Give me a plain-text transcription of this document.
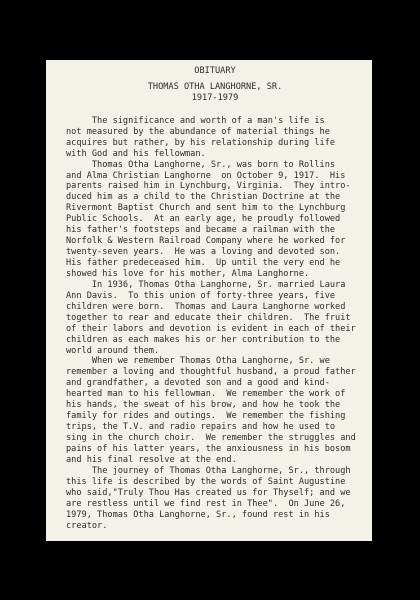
OBITUARY
THOMAS OTHA LANGHORNE, SR.
1917-1979
The significance and worth of a man's life is
not measured by the abundance of material things he
acquires but rather, by his relationship during life
with God and his fellowman.
Thomas Otha Langhorne, Sr., was born to Rollins
and Alma Christian Langhorne  on October 9, 1917.  His
parents raised him in Lynchburg, Virginia.  They intro-
duced him as a child to the Christian Doctrine at the
Rivermont Baptist Church and sent him to the Lynchburg
Public Schools.  At an early age, he proudly followed
his father's footsteps and became a railman with the
Norfolk & Western Railroad Company where he worked for
twenty-seven years.  He was a loving and devoted son.
His father predeceased him.  Up until the very end he
showed his love for his mother, Alma Langhorne.
In 1936, Thomas Otha Langhorne, Sr. married Laura
Ann Davis.  To this union of forty-three years, five
children were born.  Thomas and Laura Langhorne worked
together to rear and educate their children.  The fruit
of their labors and devotion is evident in each of their
children as each makes his or her contribution to the
world around them.
When we remember Thomas Otha Langhorne, Sr. we
remember a loving and thoughtful husband, a proud father
and grandfather, a devoted son and a good and kind-
hearted man to his fellowman.  We remember the work of
his hands, the sweat of his brow, and how he took the
family for rides and outings.  We remember the fishing
trips, the T.V. and radio repairs and how he used to
sing in the church choir.  We remember the struggles and
pains of his latter years, the anxiousness in his bosom
and his final resolve at the end.
The journey of Thomas Otha Langhorne, Sr., through
this life is described by the words of Saint Augustine
who said,"Truly Thou Has created us for Thyself; and we
are restless until we find rest in Thee".  On June 26,
1979, Thomas Otha Langhorne, Sr., found rest in his
creator.
